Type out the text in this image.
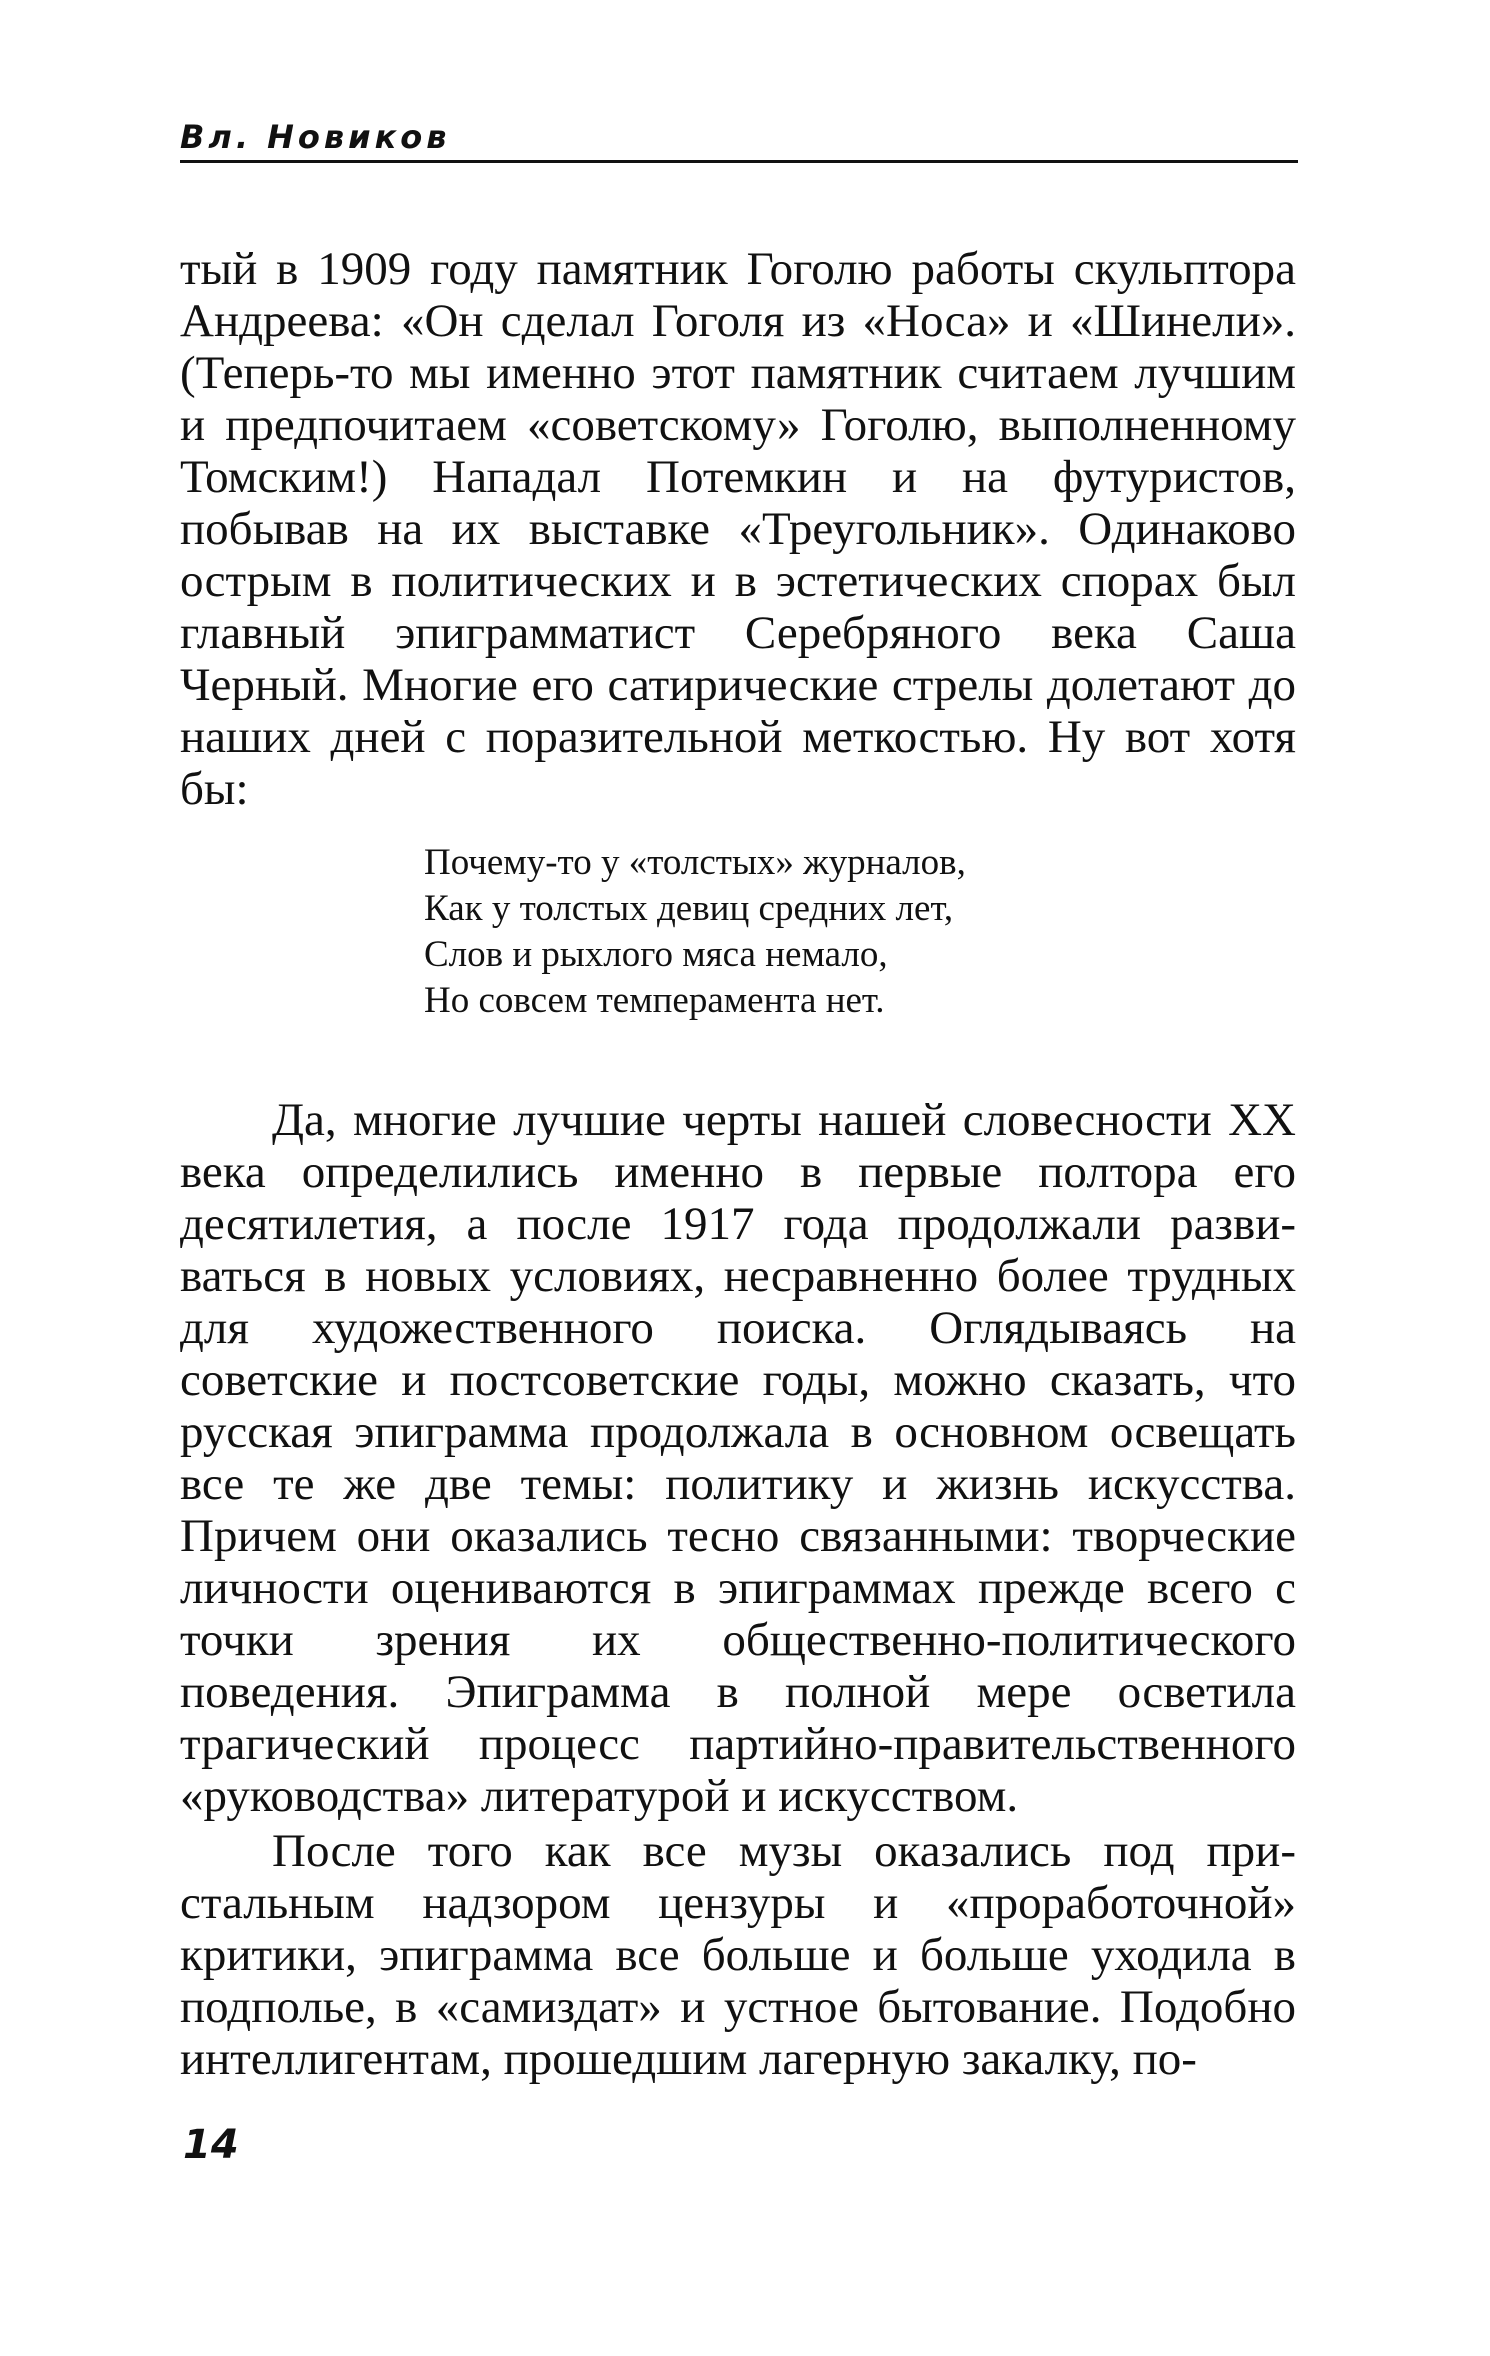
Вл. Новиков

тый в 1909 году памятник Гоголю работы скульптора Андреева: «Он сделал Гоголя из «Носа» и «Шинели». (Теперь-то мы именно этот памятник считаем лучшим и предпочитаем «советскому» Гоголю, выполненному Томским!) Нападал Потемкин и на футуристов, побывав на их выставке «Треугольник». Одинаково острым в политических и в эстетических спорах был главный эпиграмматист Серебряного века Саша Черный. Многие его сатирические стрелы долетают до наших дней с поразительной меткостью. Ну вот хотя бы:

Почему-то у «толстых» журналов,
Как у толстых девиц средних лет,
Слов и рыхлого мяса немало,
Но совсем темперамента нет.

Да, многие лучшие черты нашей словесности XX века определились именно в первые полтора его десятилетия, а после 1917 года продолжали развиваться в новых условиях, несравненно более трудных для художественного поиска. Оглядываясь на советские и постсоветские годы, можно сказать, что русская эпиграмма продолжала в основном освещать все те же две темы: политику и жизнь искусства. Причем они оказались тесно связанными: творческие личности оцениваются в эпиграммах прежде всего с точки зрения их общественно-политического поведения. Эпиграмма в полной мере осветила трагический процесс партийно-правительственного «руководства» литературой и искусством.

После того как все музы оказались под пристальным надзором цензуры и «проработочной» критики, эпиграмма все больше и больше уходила в подполье, в «самиздат» и устное бытование. Подобно интеллигентам, прошедшим лагерную закалку, по-

14
